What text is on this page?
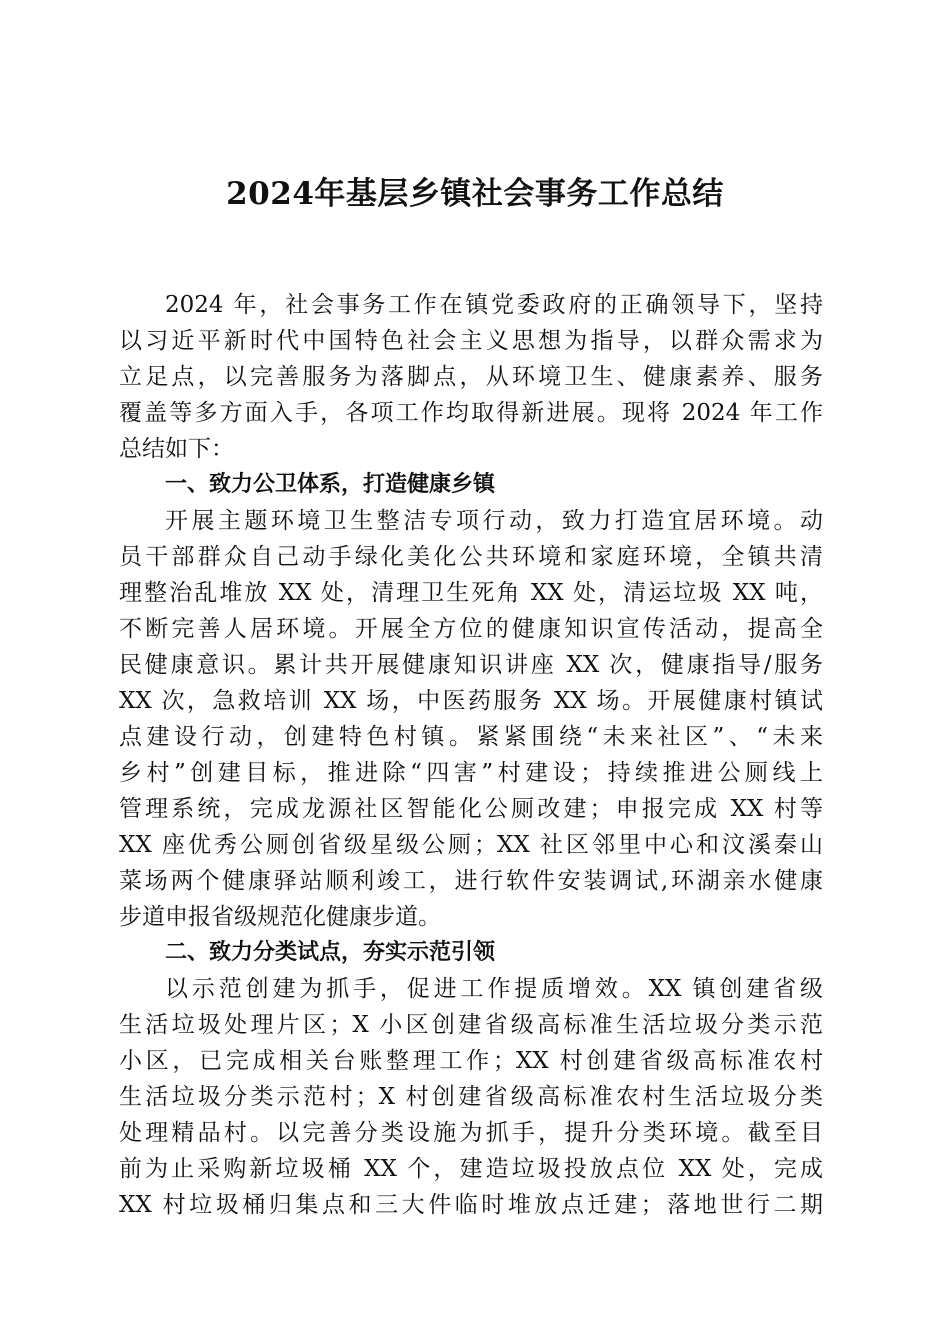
2024年基层乡镇社会事务工作总结
2024 年，社会事务工作在镇党委政府的正确领导下，坚持
以习近平新时代中国特色社会主义思想为指导，以群众需求为
立足点，以完善服务为落脚点，从环境卫生、健康素养、服务
覆盖等多方面入手，各项工作均取得新进展。现将 2024 年工作
总结如下：
一、致力公卫体系，打造健康乡镇
开展主题环境卫生整洁专项行动，致力打造宜居环境。动
员干部群众自己动手绿化美化公共环境和家庭环境，全镇共清
理整治乱堆放 XX 处，清理卫生死角 XX 处，清运垃圾 XX 吨，
不断完善人居环境。开展全方位的健康知识宣传活动，提高全
民健康意识。累计共开展健康知识讲座 XX 次，健康指导/服务
XX 次，急救培训 XX 场，中医药服务 XX 场。开展健康村镇试
点建设行动，创建特色村镇。紧紧围绕“未来社区”、“未来
乡村”创建目标，推进除“四害”村建设；持续推进公厕线上
管理系统，完成龙源社区智能化公厕改建；申报完成 XX 村等
XX 座优秀公厕创省级星级公厕；XX 社区邻里中心和汶溪秦山
菜场两个健康驿站顺利竣工，进行软件安装调试,环湖亲水健康
步道申报省级规范化健康步道。
二、致力分类试点，夯实示范引领
以示范创建为抓手，促进工作提质增效。XX 镇创建省级
生活垃圾处理片区；X 小区创建省级高标准生活垃圾分类示范
小区，已完成相关台账整理工作；XX 村创建省级高标准农村
生活垃圾分类示范村；X 村创建省级高标准农村生活垃圾分类
处理精品村。以完善分类设施为抓手，提升分类环境。截至目
前为止采购新垃圾桶 XX 个，建造垃圾投放点位 XX 处，完成
XX 村垃圾桶归集点和三大件临时堆放点迁建；落地世行二期
